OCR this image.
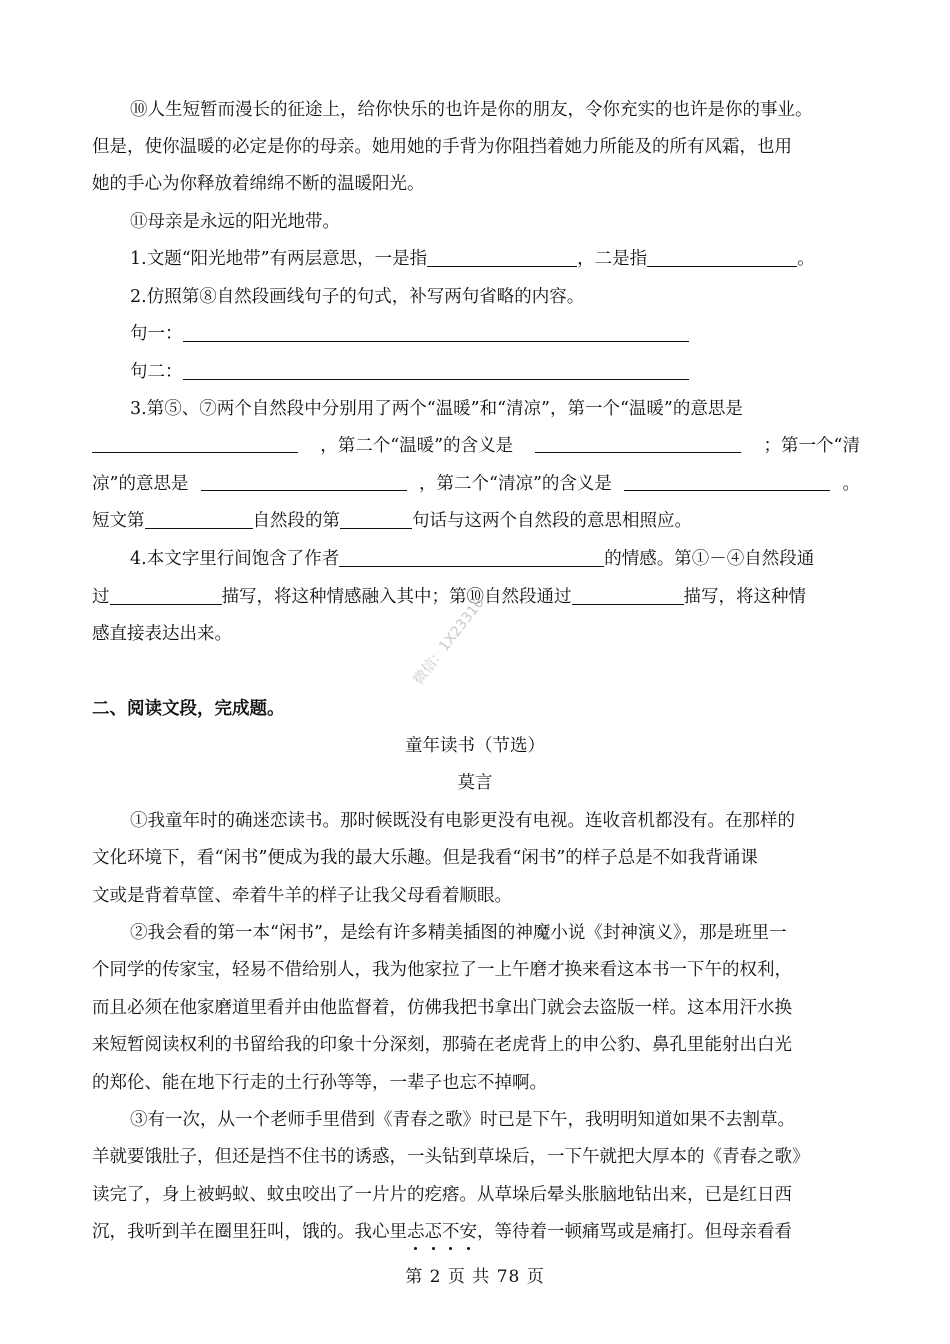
⑩人生短暂而漫长的征途上，给你快乐的也许是你的朋友，令你充实的也许是你的事业。
但是，使你温暖的必定是你的母亲。她用她的手背为你阻挡着她力所能及的所有风霜，也用
她的手心为你释放着绵绵不断的温暖阳光。
⑪母亲是永远的阳光地带。
1.文题“阳光地带”有两层意思，一是指	，二是指	。
2.仿照第⑧自然段画线句子的句式，补写两句省略的内容。
句一：
句二：
3.第⑤、⑦两个自然段中分别用了两个“温暖”和“清凉”，第一个“温暖”的意思是
，第二个“温暖”的含义是	；第一个“清
凉”的意思是	，第二个“清凉”的含义是	。
短文第	自然段的第	句话与这两个自然段的意思相照应。
4.本文字里行间饱含了作者	的情感。第①－④自然段通
过	描写，将这种情感融入其中；第⑩自然段通过	描写，将这种情
感直接表达出来。	微信：1X23316
二、阅读文段，完成题。
童年读书（节选）
莫言
①我童年时的确迷恋读书。那时候既没有电影更没有电视。连收音机都没有。在那样的
文化环境下，看“闲书”便成为我的最大乐趣。但是我看“闲书”的样子总是不如我背诵课
文或是背着草筐、牵着牛羊的样子让我父母看着顺眼。
②我会看的第一本“闲书”，是绘有许多精美插图的神魔小说《封神演义》，那是班里一
个同学的传家宝，轻易不借给别人，我为他家拉了一上午磨才换来看这本书一下午的权利，
而且必须在他家磨道里看并由他监督着，仿佛我把书拿出门就会去盗版一样。这本用汗水换
来短暂阅读权利的书留给我的印象十分深刻，那骑在老虎背上的申公豹、鼻孔里能射出白光
的郑伦、能在地下行走的土行孙等等，一辈子也忘不掉啊。
③有一次，从一个老师手里借到《青春之歌》时已是下午，我明明知道如果不去割草。
羊就要饿肚子，但还是挡不住书的诱惑，一头钻到草垛后，一下午就把大厚本的《青春之歌》
读完了，身上被蚂蚁、蚊虫咬出了一片片的疙瘩。从草垛后晕头胀脑地钻出来，已是红日西
沉，我听到羊在圈里狂叫，饿的。我心里忐忑不安，等待着一顿痛骂或是痛打。但母亲看看
第 2 页 共 78 页
